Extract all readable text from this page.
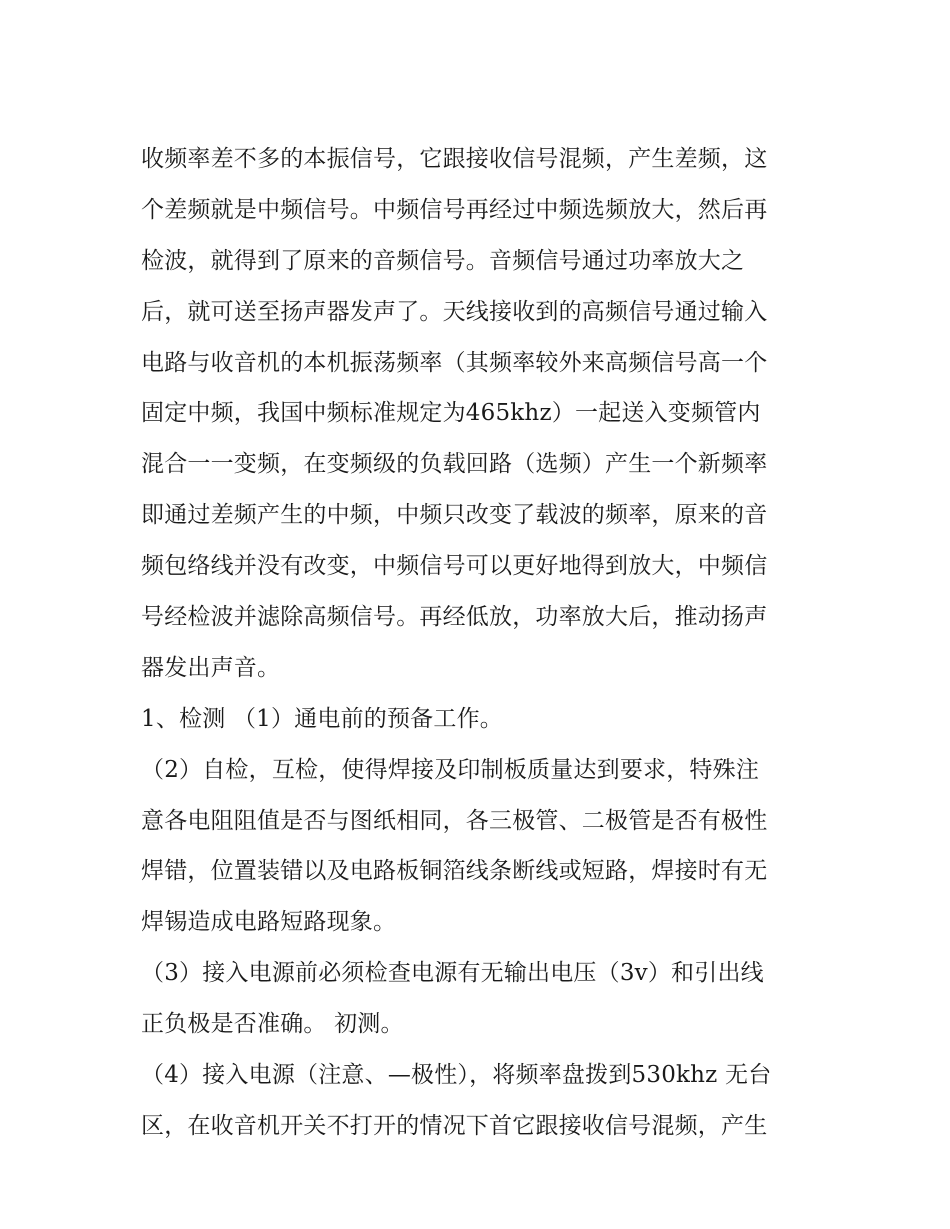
收频率差不多的本振信号，它跟接收信号混频，产生差频，这
个差频就是中频信号。中频信号再经过中频选频放大，然后再
检波，就得到了原来的音频信号。音频信号通过功率放大之
后，就可送至扬声器发声了。天线接收到的高频信号通过输入
电路与收音机的本机振荡频率（其频率较外来高频信号高一个
固定中频，我国中频标准规定为465khz）一起送入变频管内
混合一一变频，在变频级的负载回路（选频）产生一个新频率
即通过差频产生的中频，中频只改变了载波的频率，原来的音
频包络线并没有改变，中频信号可以更好地得到放大，中频信
号经检波并滤除高频信号。再经低放，功率放大后，推动扬声
器发出声音。
1、检测 （1）通电前的预备工作。
（2）自检，互检，使得焊接及印制板质量达到要求，特殊注
意各电阻阻值是否与图纸相同，各三极管、二极管是否有极性
焊错，位置装错以及电路板铜箔线条断线或短路，焊接时有无
焊锡造成电路短路现象。
（3）接入电源前必须检查电源有无输出电压（3v）和引出线
正负极是否准确。 初测。
（4）接入电源（注意、—极性），将频率盘拨到530khz 无台
区，在收音机开关不打开的情况下首它跟接收信号混频，产生
